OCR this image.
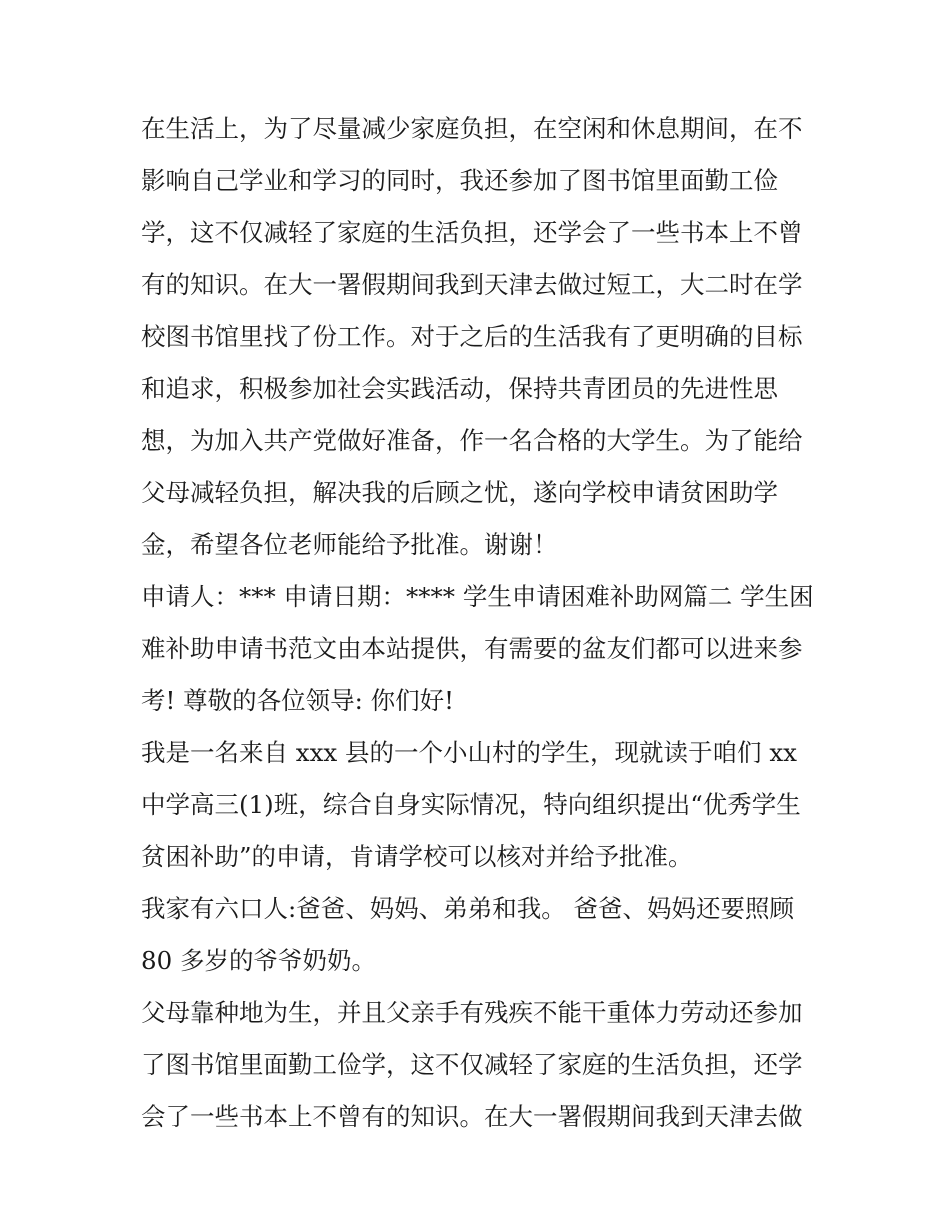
在生活上，为了尽量减少家庭负担，在空闲和休息期间，在不
影响自己学业和学习的同时，我还参加了图书馆里面勤工俭
学，这不仅减轻了家庭的生活负担，还学会了一些书本上不曾
有的知识。在大一署假期间我到天津去做过短工，大二时在学
校图书馆里找了份工作。对于之后的生活我有了更明确的目标
和追求，积极参加社会实践活动，保持共青团员的先进性思
想，为加入共产党做好准备，作一名合格的大学生。为了能给
父母减轻负担，解决我的后顾之忧，遂向学校申请贫困助学
金，希望各位老师能给予批准。谢谢！
申请人：*** 申请日期：**** 学生申请困难补助网篇二 学生困
难补助申请书范文由本站提供，有需要的盆友们都可以进来参
考! 尊敬的各位领导: 你们好!
我是一名来自 xxx 县的一个小山村的学生，现就读于咱们 xx
中学高三(1)班，综合自身实际情况，特向组织提出“优秀学生
贫困补助”的申请，肯请学校可以核对并给予批准。
我家有六口人:爸爸、妈妈、弟弟和我。 爸爸、妈妈还要照顾
80 多岁的爷爷奶奶。
父母靠种地为生，并且父亲手有残疾不能干重体力劳动还参加
了图书馆里面勤工俭学，这不仅减轻了家庭的生活负担，还学
会了一些书本上不曾有的知识。在大一署假期间我到天津去做
